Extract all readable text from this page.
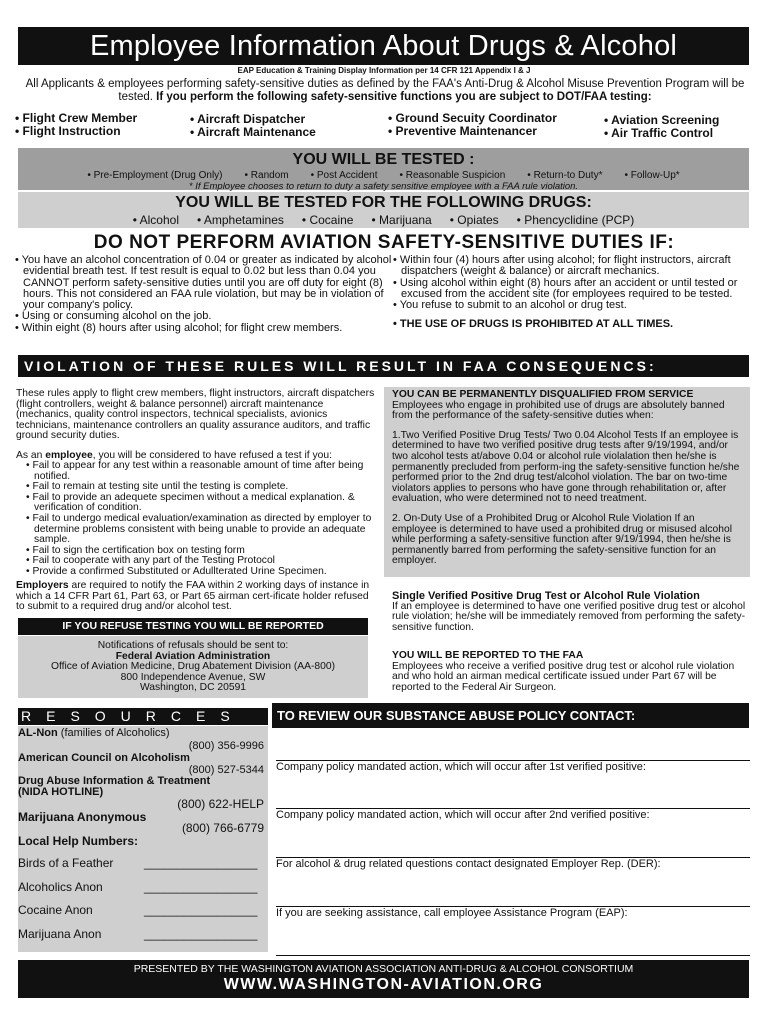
Employee Information About Drugs & Alcohol
EAP Education & Training Display Information per 14 CFR 121 Appendix I & J
All Applicants & employees performing safety-sensitive duties as defined by the FAA's Anti-Drug & Alcohol Misuse Prevention Program will be tested. If you perform the following safety-sensitive functions you are subject to DOT/FAA testing:
• Flight Crew Member
• Flight Instruction
• Aircraft Dispatcher
• Aircraft Maintenance
• Ground Secuity Coordinator
• Preventive Maintenancer
• Aviation Screening
• Air Traffic Control
YOU WILL BE TESTED :
• Pre-Employment (Drug Only)	• Random	• Post Accident	• Reasonable Suspicion	• Return-to Duty*	• Follow-Up*
* If Employee chooses to return to duty a safety sensitive employee with a FAA rule violation.
YOU WILL BE TESTED FOR THE FOLLOWING DRUGS:
• Alcohol	• Amphetamines	• Cocaine	• Marijuana	• Opiates	• Phencyclidine (PCP)
DO NOT PERFORM AVIATION SAFETY-SENSITIVE DUTIES IF:
• You have an alcohol concentration of 0.04 or greater as indicated by alcohol evidential breath test. If test result is equal to 0.02 but less than 0.04 you CANNOT perform safety-sensitive duties until you are off duty for eight (8) hours. This not considered an FAA rule violation, but may be in violation of your company's policy.
• Using or consuming alcohol on the job.
• Within eight (8) hours after using alcohol; for flight crew members.
• Within four (4) hours after using alcohol; for flight instructors, aircraft dispatchers (weight & balance) or aircraft mechanics.
• Using alcohol within eight (8) hours after an accident or until tested or excused from the accident site (for employees required to be tested.
• You refuse to submit to an alcohol or drug test.
• THE USE OF DRUGS IS PROHIBITED AT ALL TIMES.
VIOLATION OF THESE RULES WILL RESULT IN FAA CONSEQUENCS:
These rules apply to flight crew members, flight instructors, aircraft dispatchers (flight controllers, weight & balance personnel) aircraft maintenance (mechanics, quality control inspectors, technical specialists, avionics technicians, maintenance controllers an quality assurance auditors, and traffic ground security duties.
As an employee, you will be considered to have refused a test if you:
• Fail to appear for any test within a reasonable amount of time after being notified.
• Fail to remain at testing site until the testing is complete.
• Fail to provide an adequete specimen without a medical explanation. & verification of condition.
• Fail to undergo medical evaluation/examination as directed by employer to determine problems consistent with being unable to provide an adequate sample.
• Fail to sign the certification box on testing form
• Fail to cooperate with any part of the Testing Protocol
• Provide a confirmed Substituted or Adullterated Urine Specimen.
Employers are required to notify the FAA within 2 working days of instance in which a 14 CFR Part 61, Part 63, or Part 65 airman cert-ificate holder refused to submit to a required drug and/or alcohol test.
IF YOU REFUSE TESTING YOU WILL BE REPORTED
Notifications of refusals should be sent to:
Federal Aviation Administration
Office of Aviation Medicine, Drug Abatement Division (AA-800)
800 Independence Avenue, SW
Washington, DC 20591
YOU CAN BE PERMANENTLY DISQUALIFIED FROM SERVICE
Employees who engage in prohibited use of drugs are absolutely banned from the performance of the safety-sensitive duties when:
1.Two Verified Positive Drug Tests/ Two 0.04 Alcohol Tests If an employee is determined to have two verified positive drug tests after 9/19/1994, and/or two alcohol tests at/above 0.04 or alcohol rule violalation then he/she is permanently precluded from perform-ing the safety-sensitive function he/she performed prior to the 2nd drug test/alcohol violation. The bar on two-time violators applies to persons who have gone through rehabilitation or, after evaluation, who were determined not to need treatment.
2. On-Duty Use of a Prohibited Drug or Alcohol Rule Violation If an employee is determined to have used a prohibited drug or misused alcohol while performing a safety-sensitive function after 9/19/1994, then he/she is permanently barred from performing the safety-sensitive function for an employer.
Single Verified Positive Drug Test or Alcohol Rule Violation
If an employee is determined to have one verified positive drug test or alcohol rule violation; he/she will be immediately removed from performing the safety-sensitive function.
YOU WILL BE REPORTED TO THE FAA
Employees who receive a verified positive drug test or alcohol rule violation and who hold an airman medical certificate issued under Part 67 will be reported to the Federal Air Surgeon.
RESOURCES
AL-Non (families of Alcoholics)
(800) 356-9996
American Council on Alcoholism
(800) 527-5344
Drug Abuse Information & Treatment (NIDA HOTLINE)
(800) 622-HELP
Marijuana Anonymous
(800) 766-6779
Local Help Numbers:
Birds of a Feather	_________________
Alcoholics Anon	_________________
Cocaine Anon	_________________
Marijuana Anon	_________________
TO REVIEW OUR SUBSTANCE ABUSE POLICY CONTACT:
Company policy mandated action, which will occur after 1st verified positive:
Company policy mandated action, which will occur after 2nd verified positive:
For alcohol & drug related questions contact designated Employer Rep. (DER):
If you are seeking assistance, call employee Assistance Program (EAP):
PRESENTED BY THE WASHINGTON AVIATION ASSOCIATION ANTI-DRUG & ALCOHOL CONSORTIUM
WWW.WASHINGTON-AVIATION.ORG
